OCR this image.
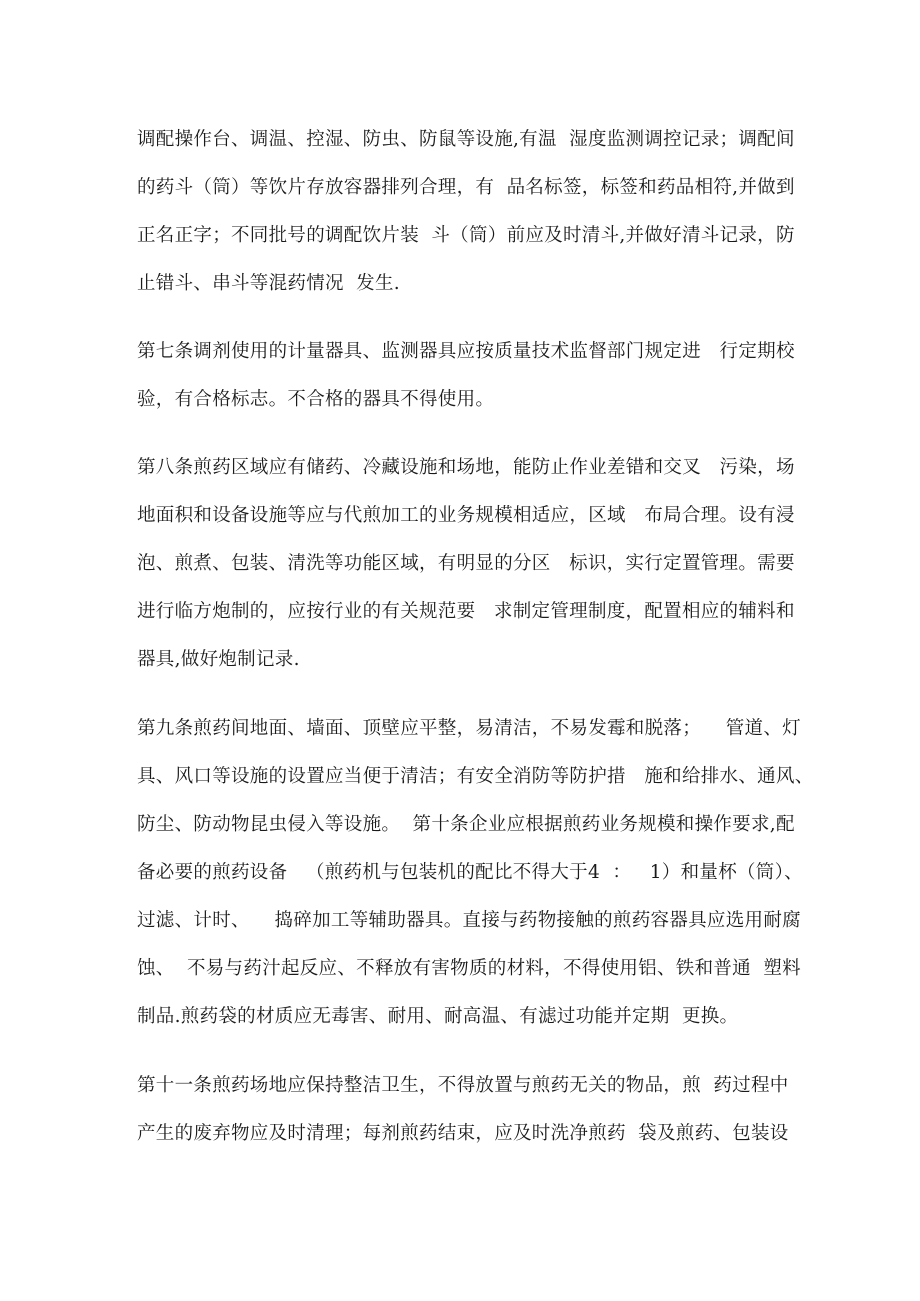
调配操作台、调温、控湿、防虫、防鼠等设施,有温  湿度监测调控记录；调配间
的药斗（筒）等饮片存放容器排列合理，有  品名标签，标签和药品相符,并做到
正名正字；不同批号的调配饮片装  斗（筒）前应及时清斗,并做好清斗记录，防
止错斗、串斗等混药情况  发生.
第七条调剂使用的计量器具、监测器具应按质量技术监督部门规定进   行定期校
验，有合格标志。不合格的器具不得使用。
第八条煎药区域应有储药、冷藏设施和场地，能防止作业差错和交叉   污染，场
地面积和设备设施等应与代煎加工的业务规模相适应，区域   布局合理。设有浸
泡、煎煮、包装、清洗等功能区域，有明显的分区   标识，实行定置管理。需要
进行临方炮制的，应按行业的有关规范要   求制定管理制度，配置相应的辅料和
器具,做好炮制记录.
第九条煎药间地面、墙面、顶壁应平整，易清洁，不易发霉和脱落；    管道、灯
具、风口等设施的设置应当便于清洁；有安全消防等防护措   施和给排水、通风、
防尘、防动物昆虫侵入等设施。  第十条企业应根据煎药业务规模和操作要求,配
备必要的煎药设备   （煎药机与包装机的配比不得大于4  ：   1）和量杯（筒）、
过滤、计时、    捣碎加工等辅助器具。直接与药物接触的煎药容器具应选用耐腐
蚀、  不易与药汁起反应、不释放有害物质的材料，不得使用铝、铁和普通  塑料
制品.煎药袋的材质应无毒害、耐用、耐高温、有滤过功能并定期  更换。
第十一条煎药场地应保持整洁卫生，不得放置与煎药无关的物品，煎  药过程中
产生的废弃物应及时清理；每剂煎药结束，应及时洗净煎药  袋及煎药、包装设
